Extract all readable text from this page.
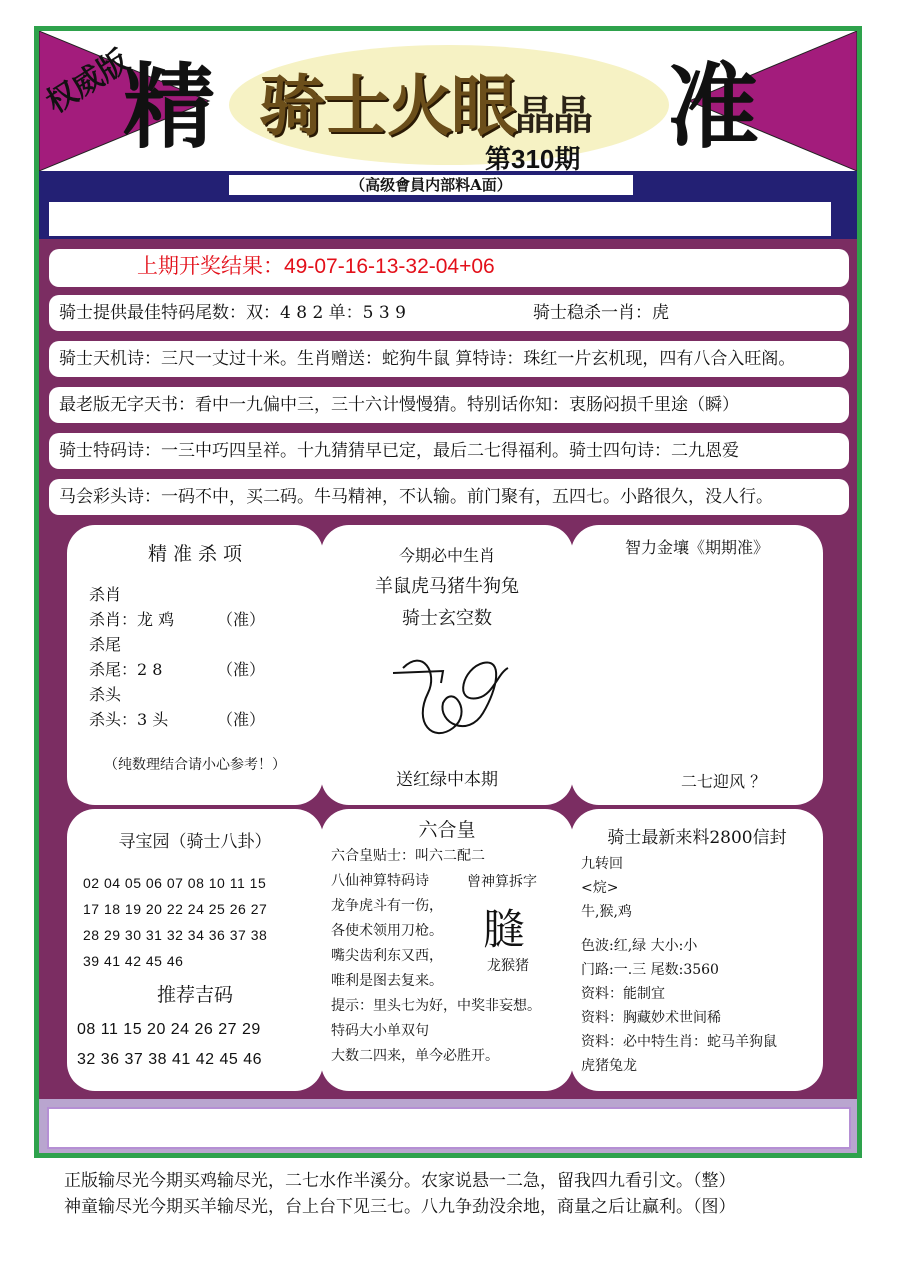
权威版
精 骑士火眼晶晶 准
第310期
（高级會員内部料A面）
上期开奖结果：49-07-16-13-32-04+06
骑士提供最佳特码尾数：双：4 8 2 单：5 3 9	骑士稳杀一肖：虎
骑士天机诗：三尺一丈过十米。生肖赠送：蛇狗牛鼠 算特诗：珠红一片玄机现，四有八合入旺阁。
最老版无字天书：看中一九偏中三，三十六计慢慢猜。特别话你知：衷肠闷损千里途（瞬）
骑士特码诗：一三中巧四呈祥。十九猜猜早已定，最后二七得福利。骑士四句诗：二九恩爱
马会彩头诗：一码不中，买二码。牛马精神，不认输。前门聚有，五四七。小路很久，没人行。
精 准 杀 项
杀肖
杀肖：龙 鸡	（准）
杀尾
杀尾：2 8	（准）
杀头
杀头：3 头	（准）
（纯数理结合请小心参考！）
今期必中生肖
羊鼠虎马猪牛狗兔
骑士玄空数
送红绿中本期
智力金壤《期期准》
二七迎风 ？
寻宝园（骑士八卦）
02 04 05 06 07 08 10 11 15
17 18 19 20 22 24 25 26 27
28 29 30 31 32 34 36 37 38
39 41 42 45 46
推荐吉码
08 11 15 20 24 26 27 29
32 36 37 38 41 42 45 46
六合皇
六合皇贴士：叫六二配二
八仙神算特码诗
龙争虎斗有一伤，
各使术领用刀枪。
嘴尖齿利东又西，
唯利是图去复来。
提示：里头七为好，中奖非妄想。
特码大小单双句
大数二四来，单今必胜开。
曾神算拆字
膖
龙猴猪
骑士最新来料2800信封
九转回
<烷>
牛,猴,鸡
色波:红,绿 大小:小
门路:一.三 尾数:3560
资料：能制宜
资料：胸藏妙术世间稀
资料：必中特生肖：蛇马羊狗鼠
虎猪兔龙
正版输尽光今期买鸡输尽光，二七水作半溪分。农家说悬一二急，留我四九看引文。（整）
神童输尽光今期买羊输尽光，台上台下见三七。八九争劲没余地，商量之后让赢利。（图）
